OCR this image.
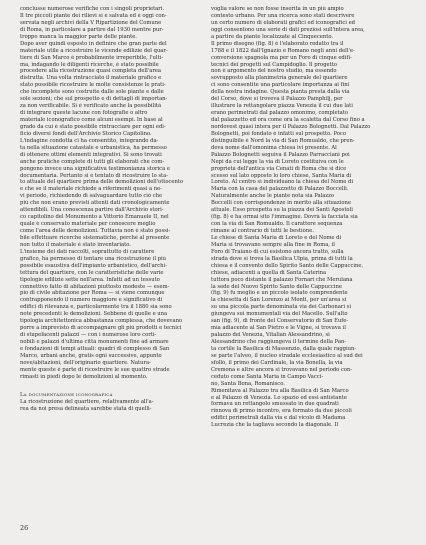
conclusse numerose verifiche con i singoli proprietari.
Il tre piccoli piante dei rilievi si è salvata ed è oggi con-
servata negli archivi della V Ripartizione del Comune
di Roma, in particolare a partire dal 1930 mentre pur-
troppo manca la maggior parte delle piante.
Dopo aver quindi esposto in definire che gran parte del
materiale utile a ricostruire le vicende edilizie del quar-
tiere di San Marco è probabilmente irreperibile, l'ulti-
ma, indagando le diligenti ricerche, è stato possibile
procedere alla ricostruzione quasi completa dell'area
distrutta. Una volta rintracciato il materiale grafico e
stato possibile ricostruire le molte consistenze le prati-
che incomplete sono costruite dalle sole piante e dalle
sole sezioni; che sul prospetto e di dettagli di importan-
za non verificabile. Si è verificato anche la possibilità
di integrare queste lacune con fotografie o altro
materiale iconografico come alcuni esempi. In base al
grado da cui è stato possibile rintracciare per ogni edi-
ficio diversi fondi dell'Archivio Storico Capitolino.
L'indagine condotta ci ha consentito, integrando da-
ta nella situazione catastale e urbanistica, ha permesso
di ottenere ottimi elementi integrativi. Si sono trovati
anche pratiche complete di tutti gli elaborati che com-
pongono invece una significativa testimonianza storica e
documentaria. Pertanto si è tentato di ricostruire lo sta-
to attuale del quartiere prima delle demolizioni dell'ottocento
e che se il materiale richiede a riferimenti quasi a ne-
vi periodo, richiedendo di salvaguardare tutto ciò che
più che non erano previsti attenti dati cronologicamente
attendibili. Una conoscenza partire dall'Archivio stori-
co capitolino del Monumento a Vittorio Emanuele II, nel
quale è conservato materiale per conoscere meglio
come l'area delle demolizioni. Tuttavia non è stato possi-
bile effettuare ricerche sistematiche, perché al presente
non tutto il materiale è stato inventariato.
L'insieme dei dati raccolti, soprattutto di carattere
grafico, ha permesso di tentare una ricostruzione il più
possibile esaustiva dell'impianto urbanistico, dell'archi-
tettura del quartiere, con le caratteristiche delle varie
tipologie edilizie sette nell'area. Infatti ad un tessuto
connettivo fatto di abitazioni piuttosto modeste — esem-
pio di civile abitazione per Roma — si viene comunque
contrapponendo il numero maggiore e significativo di
edifici di rilevanza e, particolarmente tra il 1880 sia sono
note precedenti le demolizioni. Sebbene di quelle e una
tipologia architettonica abbastanza complessa, che dovevano
porre a imprevisto di accompagnare gli più prodotti e tecnici
di stupefacenti palazzi — con i numerose loro corti-
nobili e palazzi d'ultima città monumenti fine ad armare
e fondazioni di tempi attuali: quadri di complesso di San
Marco, urbani anche, gratis ogni successive, appunto
nove/abitazioni, dell'originario quartiere. Natura-
mente queste è parte di ricostruire le sue quattro strade
rimasti in piedi dopo le demolizioni al momento.
La documentazione iconografica
La ricostruzione del quartiere, relativamente all'a-
rea da noi presa delineata sarebbe stata di quelli-
voglia valore se non fosse inserita in un più ampio
contesto urbano. Per una ricerca sono stati descrivere
un certo numero di elaborati grafici ed iconografici ed
oggi consentono una serie di dati preziosi sull'intera area,
a partire da piante localizzate al Cinquecento.
Il primo disegno (fig. 8) è l'elaborato redatto tra il
1788 e il 1822 dall'Ignazio e Romano negli anni dell'e-
conversione spagnola ma per un Foro di cinque edifi-
tecnici dei progetti sul Campidoglio. Il progetto
non è argomento del nostro studio, ma essendo
sovrapposto alla planimetria generale del quartiere
ci sono consentite una particolare importanza ai fini
della nostra indagine. Questa pianta presta dalla via
del Corso, dove si troveva il Palazzo Pamphilj, per
illustrare la rettangolare piazza Venezia il cui due lati
erano perimetrati dal palazzo omonimo, completato
dal palazzetto ed ora come ora la scaletta dal Corso fino a
nordovest quasi intera per il Palazzo Bolognetti. Dal Palazzo
Bolognetti, poi fondato è infatti sul prospetto. Poco
distinguibile è Nord la via di San Romualdo, che pren-
deva nome dall'omonima chiesa ivi presente. Al
Palazzo Bolognetti seguiva il Palazzo Parracciani poi
Nepi da cui legge la via di Loreto costituiva con le
proprietà dell'antica via Cenati di Roma che si dice
scesso sul lato opposto lo loro chiese, Santa Maria di
Loreto. Al centro si individuano la chiesa del Nome di
Maria con la casa del palazzetto di Palazzo Boccelli.
Naturalmente anche le piante nota sia Palazzo
Boccelli con corrispondenze in merito alla situazione
attuale. Esso prospetta su la piazza dei Santi Apostoli
(fig. 8) e ha ormai sito l'immagine. Dovrà la facciata sia
con la via di San Romualdo. Il carattere sequenza
rimane al contrario di tutti le bestione.
Le chiese di Santa Maria di Loreto e del Nome di
Maria si trovavano sempre alla fine in Roma, il
Foro di Traiano di cui esistono ancora tratto, sulla
strada dove si trova la Basilica Ulpia, prima di tutti la
chiesa e il convento dello Spirito Santo delle Cappuccine,
chiese, adiacenti a quella di Santa Caterina
tuttora poco distante il palazzo Fornari che Merulana
la sede del Nuovo Spirito Santo delle Cappuccine
(fig. 9) fu meglio e un piccolo isolato comprendente
la chiesetta di San Lorenzo ai Monti, per un'area si
su una piccola parte denominata via dei Carbonari si
giungeva sui monumentali via del Macello. Sull'alto
san (fig. 9), di fronte del Conservatorio di San Eufe-
mia adiacente al San Pietro e le Vigne, si trovava il
palazzo dei Venezia, Vitalian Alessandrino, si
Alessandrino che raggiungeva il termine della Pan-
ta cortile la Basilica di Massenzio, dalla quale raggiun-
se parte l'alveo, il nucleo stradale ecclesiastico al sud dei
sfollò, il primo dei Cardinale, la via Bonella, la via
Cremona e altre ancora si trovavano nel periodo con-
ceduto come Santa Maria in Campo Vacci-
no, Santa Bona, Romanisco.
Rimenitava al Palazzo tra alla Basilica di San Marco
e al Palazzo di Venezia. Lo spazio ed essi antistante
formava un rettangolo smussato in due quadrati
rinnova di primo incontro, era formato da due piccoli
edifici perimetrali dalla via e dal vicolo di Madama
Lucrezia che la tagliava secondo la diagonale. Il
26
